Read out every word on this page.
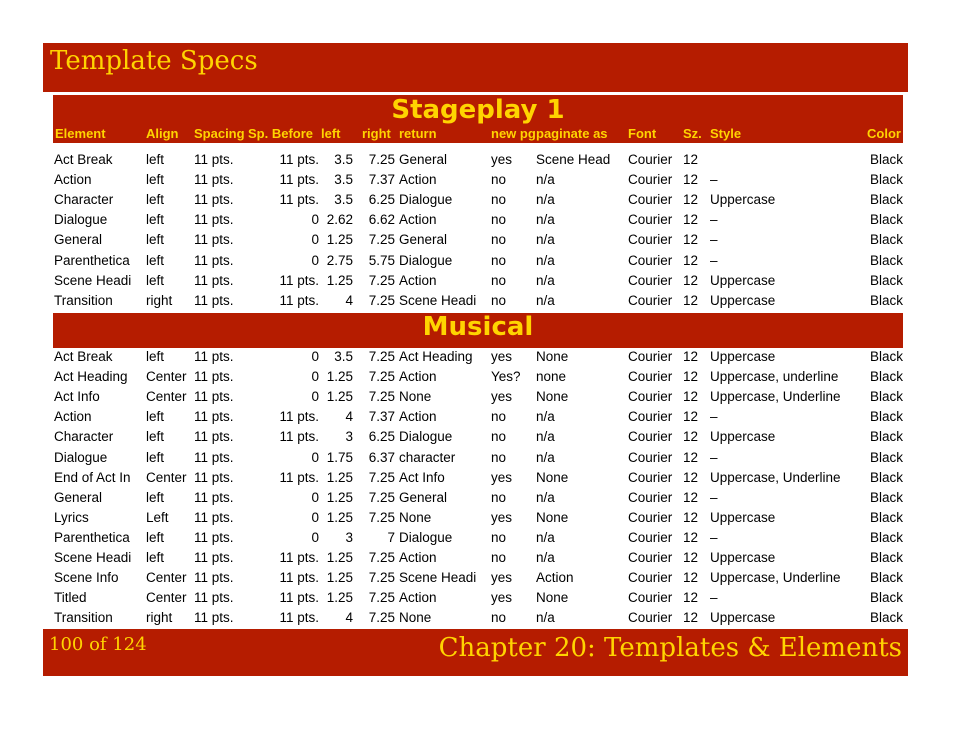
Template Specs
Stageplay 1
Element	Align Spacing Sp. Before left right return	new pg paginate as Font Sz. Style	Color
Act Break left 11 pts.	11 pts. 3.5 7.25 General	yes Scene Head Courier 12	Black
Action	left 11 pts.	11 pts. 3.5 7.37 Action	no n/a	Courier 12 –	Black
Character left 11 pts.	11 pts. 3.5 6.25 Dialogue	no n/a	Courier 12 Uppercase	Black
Dialogue	left 11 pts.	0 2.62 6.62 Action	no n/a	Courier 12 –	Black
General	left 11 pts.	0 1.25 7.25 General	no n/a	Courier 12 –	Black
Parenthetica left 11 pts.	0 2.75 5.75 Dialogue	no n/a	Courier 12 –	Black
Scene Headi left 11 pts.	11 pts. 1.25 7.25 Action	no n/a	Courier 12 Uppercase	Black
Transition right 11 pts.	11 pts. 4 7.25 Scene Headi no n/a	Courier 12 Uppercase	Black
Musical
Act Break left 11 pts.	0 3.5 7.25 Act Heading yes None	Courier 12 Uppercase	Black
Act Heading Center 11 pts.	0 1.25 7.25 Action	Yes? none	Courier 12 Uppercase, underline Black
Act Info	Center 11 pts.	0 1.25 7.25 None	yes None	Courier 12 Uppercase, Underline Black
Action	left 11 pts.	11 pts. 4 7.37 Action	no n/a	Courier 12 –	Black
Character left 11 pts.	11 pts. 3 6.25 Dialogue	no n/a	Courier 12 Uppercase	Black
Dialogue	left 11 pts.	0 1.75 6.37 character	no n/a	Courier 12 –	Black
End of Act In Center 11 pts.	11 pts. 1.25 7.25 Act Info	yes None	Courier 12 Uppercase, Underline Black
General	left 11 pts.	0 1.25 7.25 General	no n/a	Courier 12 –	Black
Lyrics	Left 11 pts.	0 1.25 7.25 None	yes None	Courier 12 Uppercase	Black
Parenthetica left 11 pts.	0 3	7 Dialogue	no n/a	Courier 12 –	Black
Scene Headi left 11 pts.	11 pts. 1.25 7.25 Action	no n/a	Courier 12 Uppercase	Black
Scene Info Center 11 pts.	11 pts. 1.25 7.25 Scene Headi yes Action	Courier 12 Uppercase, Underline Black
Titled	Center 11 pts.	11 pts. 1.25 7.25 Action	yes None	Courier 12 –	Black
Transition right 11 pts.	11 pts. 4 7.25 None	no n/a	Courier 12 Uppercase	Black
100 of 124	Chapter 20: Templates & Elements
